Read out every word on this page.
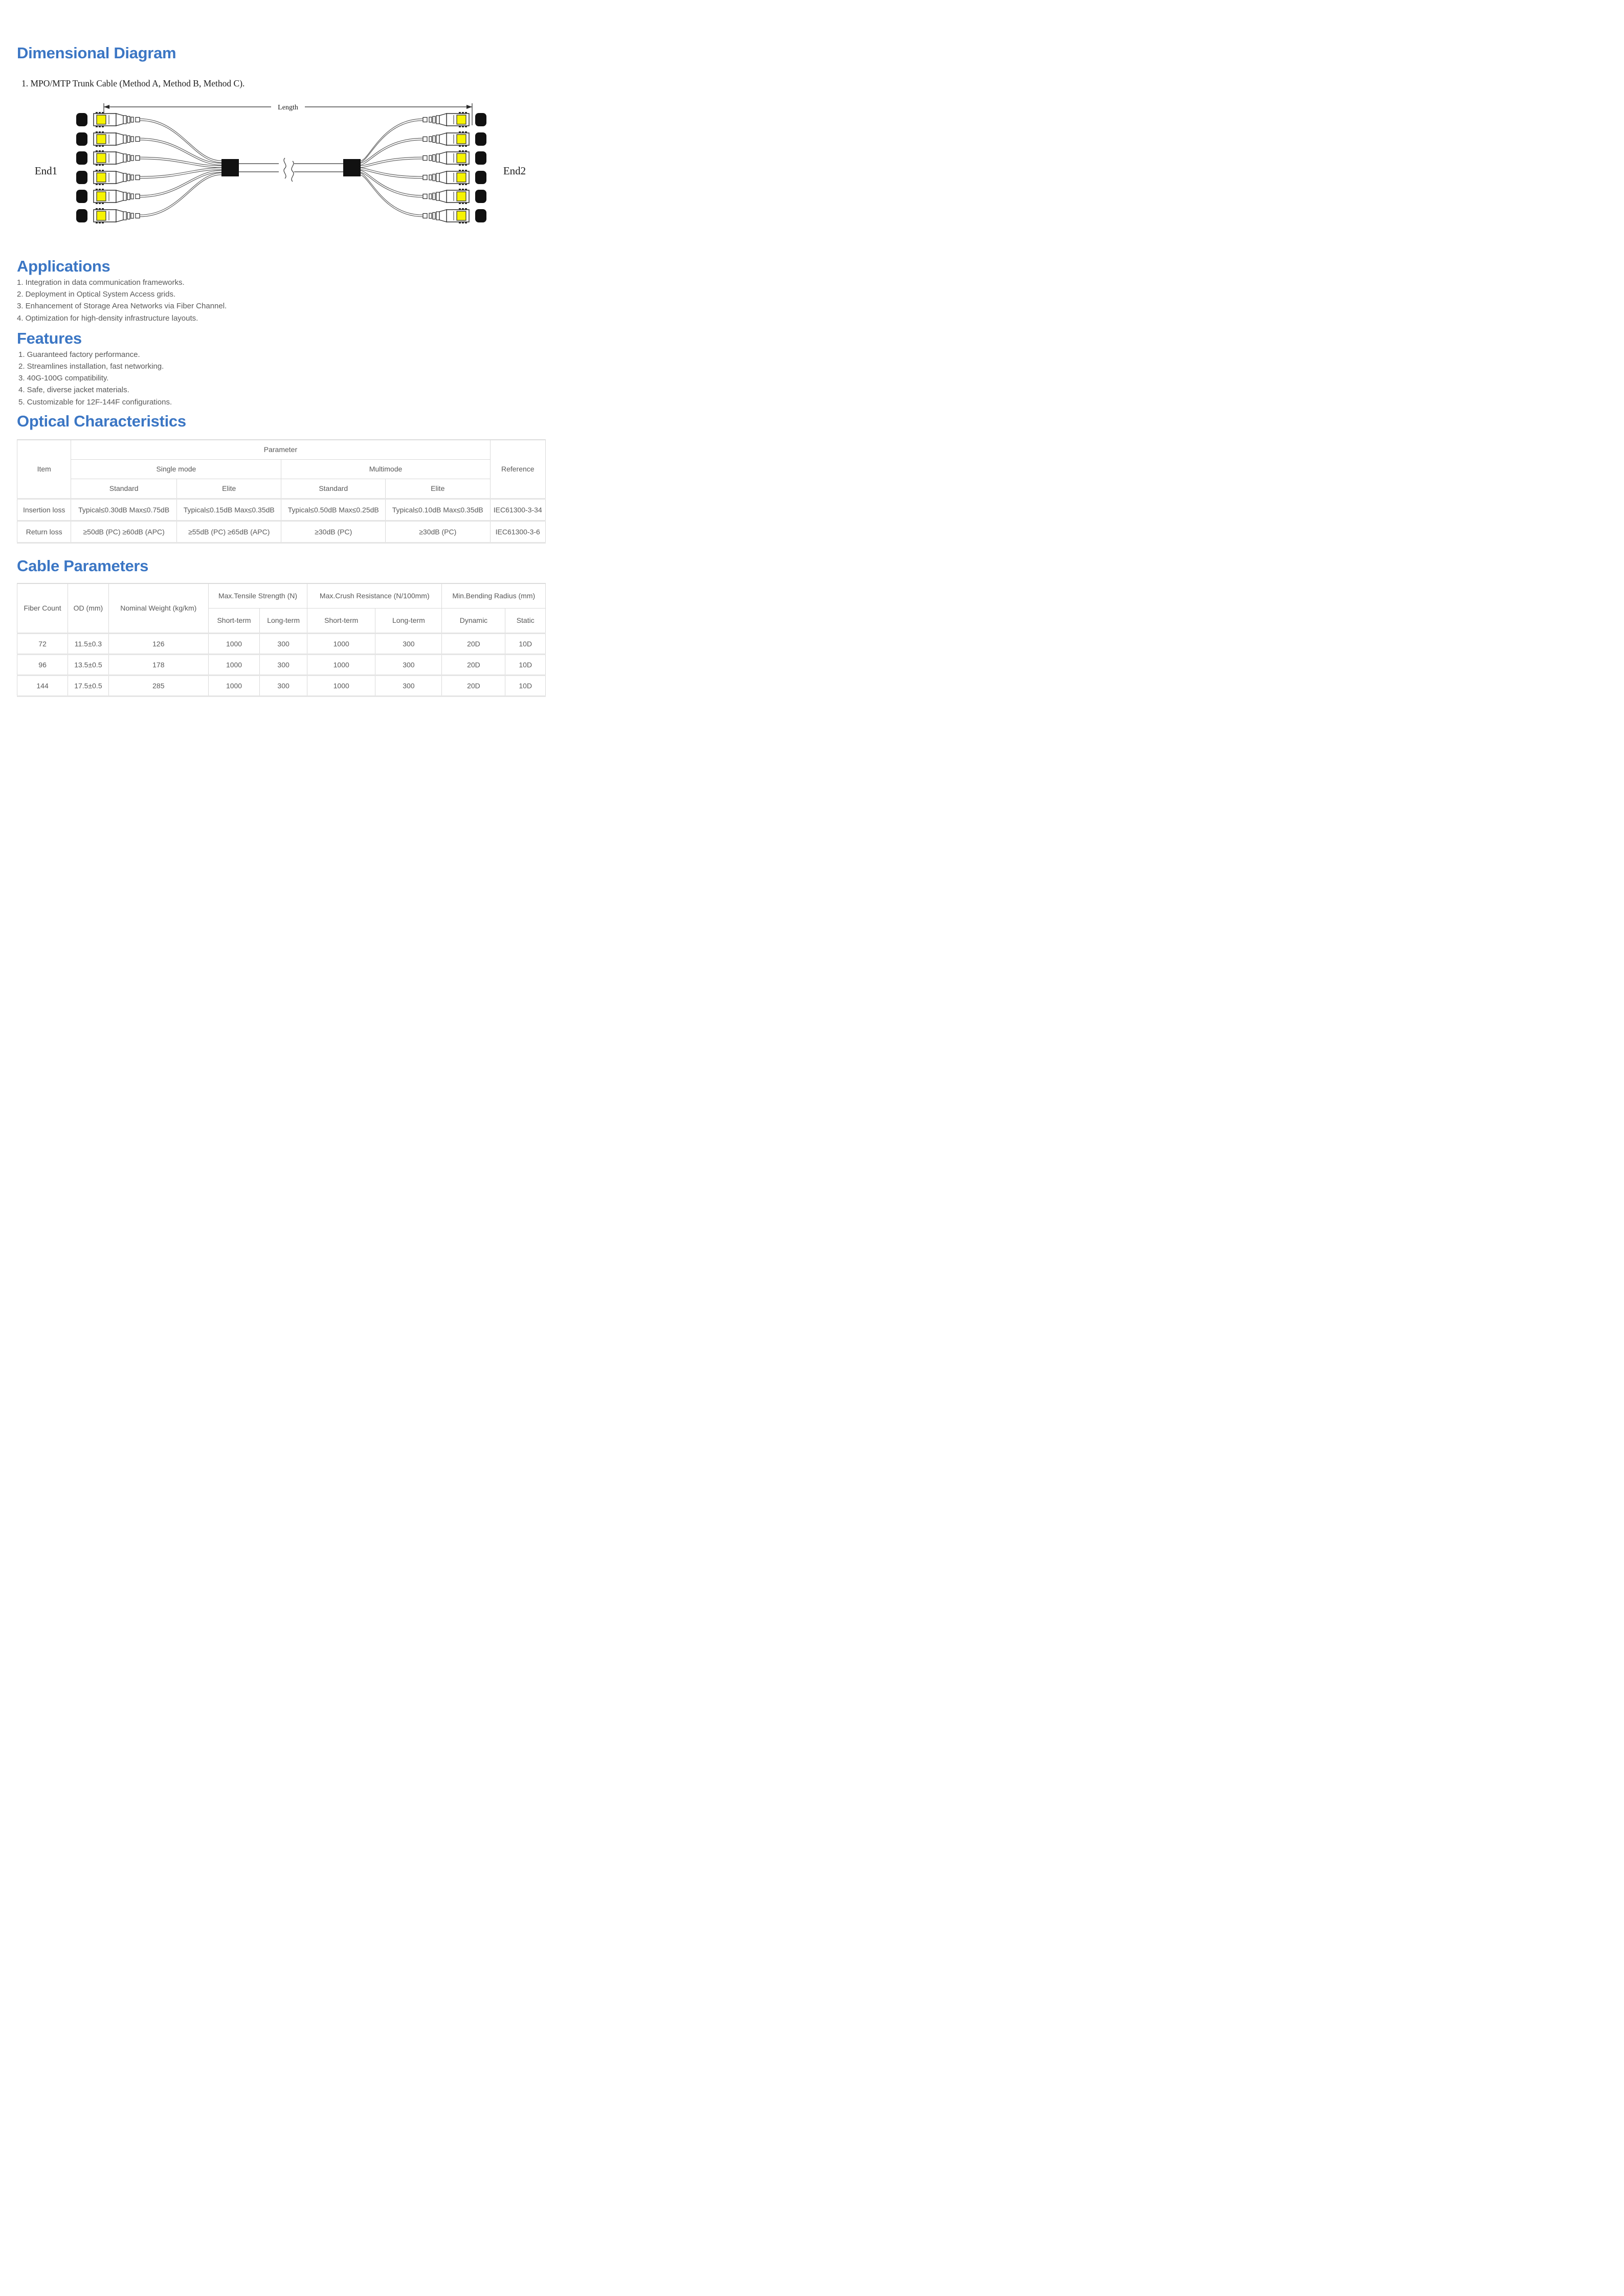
Dimensional Diagram

1. MPO/MTP Trunk Cable (Method A, Method B, Method C).

Length
End1	End2
Applications

1. Integration in data communication frameworks.

2. Deployment in Optical System Access grids.

3. Enhancement of Storage Area Networks via Fiber Channel.

4. Optimization for high-density infrastructure layouts.

Features

1. Guaranteed factory performance.

2. Streamlines installation, fast networking.

3. 40G-100G compatibility.

4. Safe, diverse jacket materials.

5. Customizable for 12F-144F configurations.

Optical Characteristics
Item	Parameter				Reference
	Single mode		Multimode		
	Standard	Elite	Standard	Elite	
Insertion loss	Typical≤0.30dB Max≤0.75dB	Typical≤0.15dB Max≤0.35dB	Typical≤0.50dB Max≤0.25dB	Typical≤0.10dB Max≤0.35dB	IEC61300-3-34
Return loss	≥50dB (PC) ≥60dB (APC)	≥55dB (PC) ≥65dB (APC)	≥30dB (PC)	≥30dB (PC)	IEC61300-3-6
Cable Parameters
Fiber Count	OD (mm)	Nominal Weight (kg/km)	Max.Tensile Strength (N)		Max.Crush Resistance (N/100mm)		Min.Bending Radius (mm)	
			Short-term	Long-term	Short-term	Long-term	Dynamic	Static
72	11.5±0.3	126	1000	300	1000	300	20D	10D
96	13.5±0.5	178	1000	300	1000	300	20D	10D
144	17.5±0.5	285	1000	300	1000	300	20D	10D
